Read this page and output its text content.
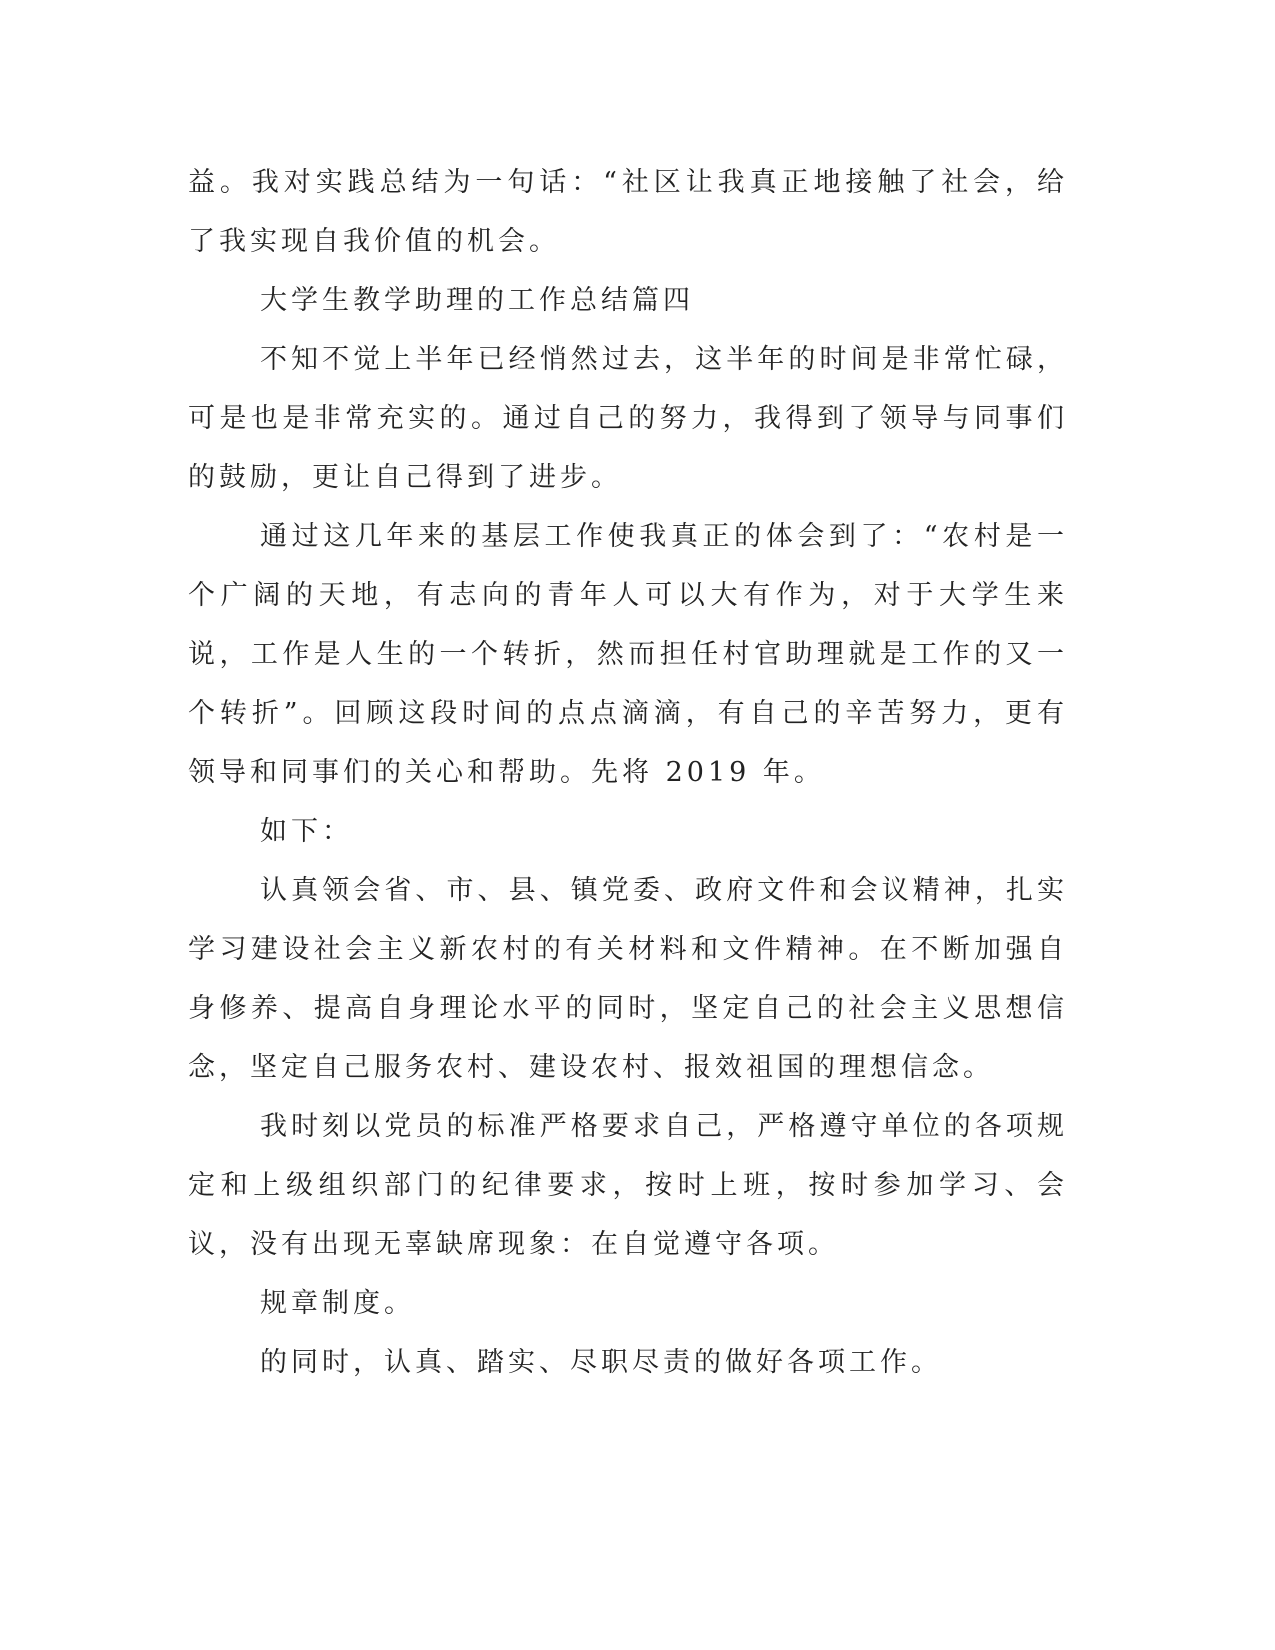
益。我对实践总结为一句话：“社区让我真正地接触了社会，给了我实现自我价值的机会。

大学生教学助理的工作总结篇四

不知不觉上半年已经悄然过去，这半年的时间是非常忙碌，可是也是非常充实的。通过自己的努力，我得到了领导与同事们的鼓励，更让自己得到了进步。

通过这几年来的基层工作使我真正的体会到了：“农村是一个广阔的天地，有志向的青年人可以大有作为，对于大学生来说，工作是人生的一个转折，然而担任村官助理就是工作的又一个转折”。回顾这段时间的点点滴滴，有自己的辛苦努力，更有领导和同事们的关心和帮助。先将 2019 年。

如下：

认真领会省、市、县、镇党委、政府文件和会议精神，扎实学习建设社会主义新农村的有关材料和文件精神。在不断加强自身修养、提高自身理论水平的同时，坚定自己的社会主义思想信念，坚定自己服务农村、建设农村、报效祖国的理想信念。

我时刻以党员的标准严格要求自己，严格遵守单位的各项规定和上级组织部门的纪律要求，按时上班，按时参加学习、会议，没有出现无辜缺席现象：在自觉遵守各项。

规章制度。

的同时，认真、踏实、尽职尽责的做好各项工作。
